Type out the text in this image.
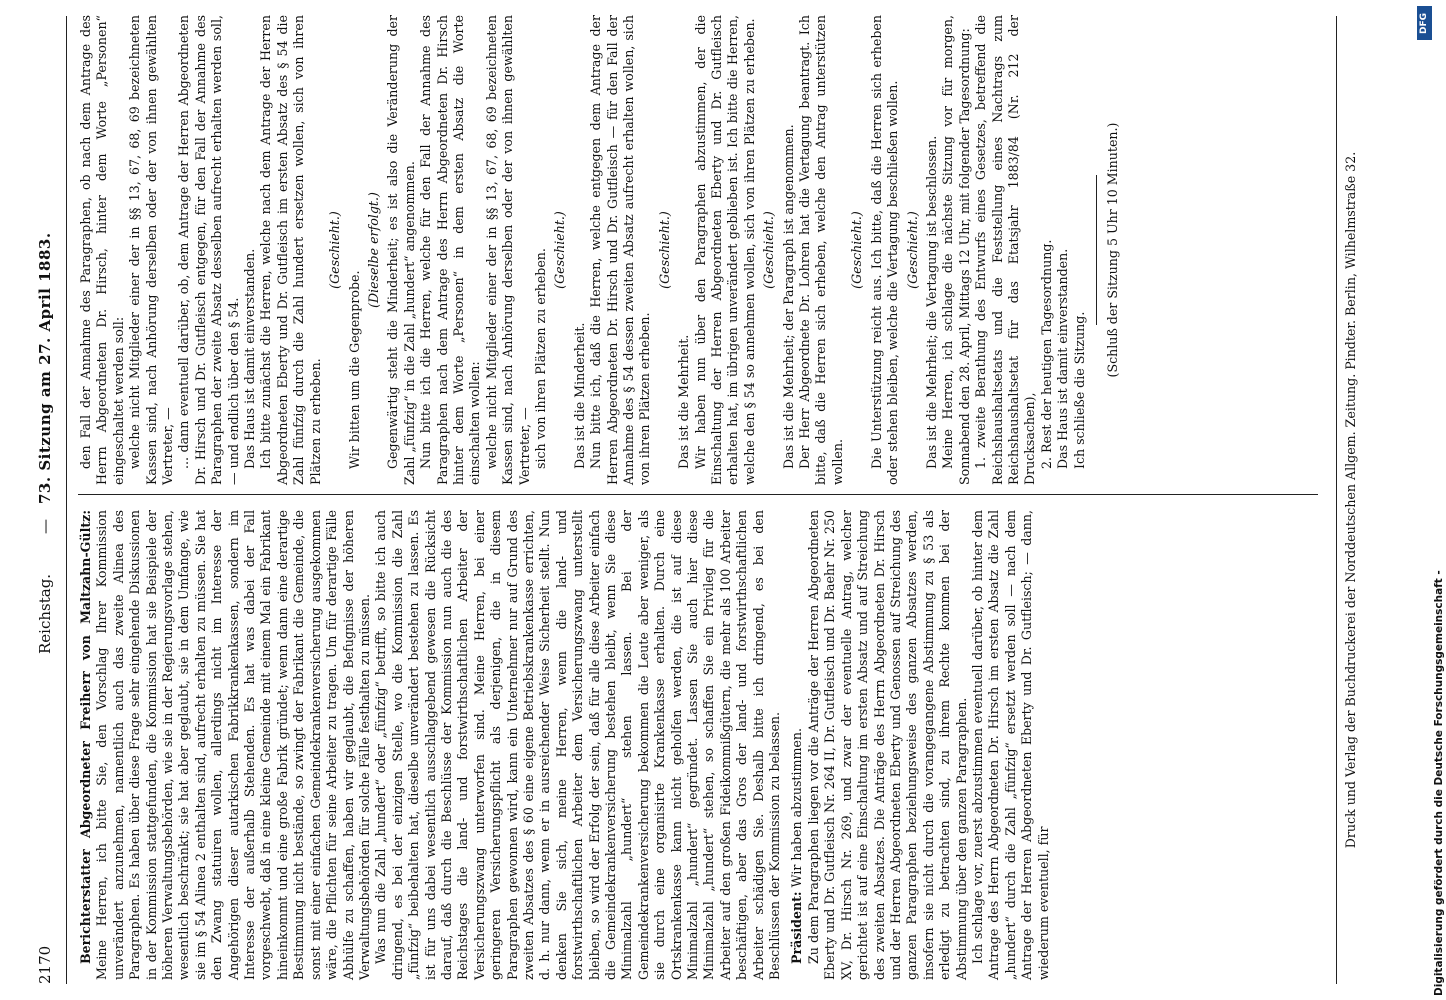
2170
Reichstag.
—
73. Sitzung am 27. April 1883.

Berichterstatter Abgeordneter Freiherr von Maltzahn-Gültz: Meine Herren, ich bitte Sie, den Vorschlag Ihrer Kommission unverändert anzunehmen, namentlich auch das zweite Alinea des Paragraphen. Es haben über diese Frage sehr eingehende Diskussionen in der Kommission stattgefunden, die Kommission hat sie Beispiele der höheren Verwaltungsbehörden, wie sie in der Regierungsvorlage stehen, wesentlich beschränkt; sie hat aber geglaubt, sie in dem Umfange, wie sie im § 54 Alinea 2 enthalten sind, aufrecht erhalten zu müssen. Sie hat den Zwang statuiren wollen, allerdings nicht im Interesse der Angehörigen dieser autarkischen Fabrikkrankenkassen, sondern im Interesse der außerhalb Stehenden. Es hat was dabei der Fall vorgeschwebt, daß in eine kleine Gemeinde mit einem Mal ein Fabrikant hineinkommt und eine große Fabrik gründet; wenn dann eine derartige Bestimmung nicht bestände, so zwingt der Fabrikant die Gemeinde, die sonst mit einer einfachen Gemeindekrankenversicherung ausgekommen wäre, die Pflichten für seine Arbeiter zu tragen. Um für derartige Fälle Abhülfe zu schaffen, haben wir geglaubt, die Befugnisse der höheren Verwaltungsbehörden für solche Fälle festhalten zu müssen. Was nun die Zahl „hundert“ oder „fünfzig“ betrifft, so bitte ich auch dringend, es bei der einzigen Stelle, wo die Kommission die Zahl „fünfzig“ beibehalten hat, dieselbe unverändert bestehen zu lassen. Es ist für uns dabei wesentlich ausschlaggebend gewesen die Rücksicht darauf, daß durch die Beschlüsse der Kommission nun auch die des Reichstages die land- und forstwirthschaftlichen Arbeiter der Versicherungszwang unterworfen sind. Meine Herren, bei einer geringeren Versicherungspflicht als derjenigen, die in diesem Paragraphen gewonnen wird, kann ein Unternehmer nur auf Grund des zweiten Absatzes des § 60 eine eigene Betriebskrankenkasse errichten, d. h. nur dann, wenn er in ausreichender Weise Sicherheit stellt. Nun denken Sie sich, meine Herren, wenn die land- und forstwirthschaftlichen Arbeiter dem Versicherungszwang unterstellt bleiben, so wird der Erfolg der sein, daß für alle diese Arbeiter einfach die Gemeindekrankenversicherung bestehen bleibt, wenn Sie diese Minimalzahl „hundert“ stehen lassen. Bei der Gemeindekrankenversicherung bekommen die Leute aber weniger, als sie durch eine organisirte Krankenkasse erhalten. Durch eine Ortskrankenkasse kann nicht geholfen werden, die ist auf diese Minimalzahl „hundert“ gegründet. Lassen Sie auch hier diese Minimalzahl „hundert“ stehen, so schaffen Sie ein Privileg für die Arbeiter auf den großen Fideikommißgütern, die mehr als 100 Arbeiter beschäftigen, aber das Gros der land- und forstwirthschaftlichen Arbeiter schädigen Sie. Deshalb bitte ich dringend, es bei den Beschlüssen der Kommission zu belassen. Präsident: Wir haben abzustimmen. Zu dem Paragraphen liegen vor die Anträge der Herren Abgeordneten Eberty und Dr. Gutfleisch Nr. 264 II, Dr. Gutfleisch und Dr. Baehr Nr. 250 XV, Dr. Hirsch Nr. 269, und zwar der eventuelle Antrag, welcher gerichtet ist auf eine Einschaltung im ersten Absatz und auf Streichung des zweiten Absatzes. Die Anträge des Herrn Abgeordneten Dr. Hirsch und der Herren Abgeordneten Eberty und Genossen auf Streichung des ganzen Paragraphen beziehungsweise des ganzen Absatzes werden, insofern sie nicht durch die vorangegangene Abstimmung zu § 53 als erledigt zu betrachten sind, zu ihrem Rechte kommen bei der Abstimmung über den ganzen Paragraphen. Ich schlage vor, zuerst abzustimmen eventuell darüber, ob hinter dem Antrage des Herrn Abgeordneten Dr. Hirsch im ersten Absatz die Zahl „hundert“ durch die Zahl „fünfzig“ ersetzt werden soll — nach dem Antrage der Herren Abgeordneten Eberty und Dr. Gutfleisch; — dann, wiederum eventuell, für

den Fall der Annahme des Paragraphen, ob nach dem Antrage des Herrn Abgeordneten Dr. Hirsch, hinter dem Worte „Personen“ eingeschaltet werden soll: welche nicht Mitglieder einer der in §§ 13, 67, 68, 69 bezeichneten Kassen sind, nach Anhörung derselben oder der von ihnen gewählten Vertreter, — ... dann eventuell darüber, ob, dem Antrage der Herren Abgeordneten Dr. Hirsch und Dr. Gutfleisch entgegen, für den Fall der Annahme des Paragraphen der zweite Absatz desselben aufrecht erhalten werden soll, — und endlich über den § 54. Das Haus ist damit einverstanden. Ich bitte zunächst die Herren, welche nach dem Antrage der Herren Abgeordneten Eberty und Dr. Gutfleisch im ersten Absatz des § 54 die Zahl fünfzig durch die Zahl hundert ersetzen wollen, sich von ihren Plätzen zu erheben.

(Geschieht.)

Wir bitten um die Gegenprobe.

(Dieselbe erfolgt.) Gegenwärtig steht die Minderheit; es ist also die Veränderung der Zahl „fünfzig“ in die Zahl „hundert“ angenommen. Nun bitte ich die Herren, welche für den Fall der Annahme des Paragraphen nach dem Antrage des Herrn Abgeordneten Dr. Hirsch hinter dem Worte „Personen“ in dem ersten Absatz die Worte einschalten wollen: welche nicht Mitglieder einer der in §§ 13, 67, 68, 69 bezeichneten Kassen sind, nach Anhörung derselben oder der von ihnen gewählten Vertreter, — sich von ihren Plätzen zu erheben. (Geschieht.)

Das ist die Minderheit. Nun bitte ich, daß die Herren, welche entgegen dem Antrage der Herren Abgeordneten Dr. Hirsch und Dr. Gutfleisch — für den Fall der Annahme des § 54 dessen zweiten Absatz aufrecht erhalten wollen, sich von ihren Plätzen erheben.

(Geschieht.)

Das ist die Mehrheit. Wir haben nun über den Paragraphen abzustimmen, der die Einschaltung der Herren Abgeordneten Eberty und Dr. Gutfleisch erhalten hat, im übrigen unverändert geblieben ist. Ich bitte die Herren, welche den § 54 so annehmen wollen, sich von ihren Plätzen zu erheben. (Geschieht.) Das ist die Mehrheit; der Paragraph ist angenommen. Der Herr Abgeordnete Dr. Lohren hat die Vertagung beantragt. Ich bitte, daß die Herren sich erheben, welche den Antrag unterstützen wollen.

(Geschieht.) Die Unterstützung reicht aus. Ich bitte, daß die Herren sich erheben oder stehen bleiben, welche die Vertagung beschließen wollen. (Geschieht.) Das ist die Mehrheit; die Vertagung ist beschlossen. Meine Herren, ich schlage die nächste Sitzung vor für morgen, Sonnabend den 28. April, Mittags 12 Uhr, mit folgender Tagesordnung: 1. zweite Berathung des Entwurfs eines Gesetzes, betreffend die Reichshaushaltsetats und die Feststellung eines Nachtrags zum Reichshaushaltsetat für das Etatsjahr 1883/84 (Nr. 212 der Drucksachen), 2. Rest der heutigen Tagesordnung. Das Haus ist damit einverstanden. Ich schließe die Sitzung.

(Schluß der Sitzung 5 Uhr 10 Minuten.)

Druck und Verlag der Buchdruckerei der Norddeutschen Allgem. Zeitung. Pindter. Berlin, Wilhelmstraße 32.
Digitalisierung gefördert durch die Deutsche Forschungsgemeinschaft -
DFG
